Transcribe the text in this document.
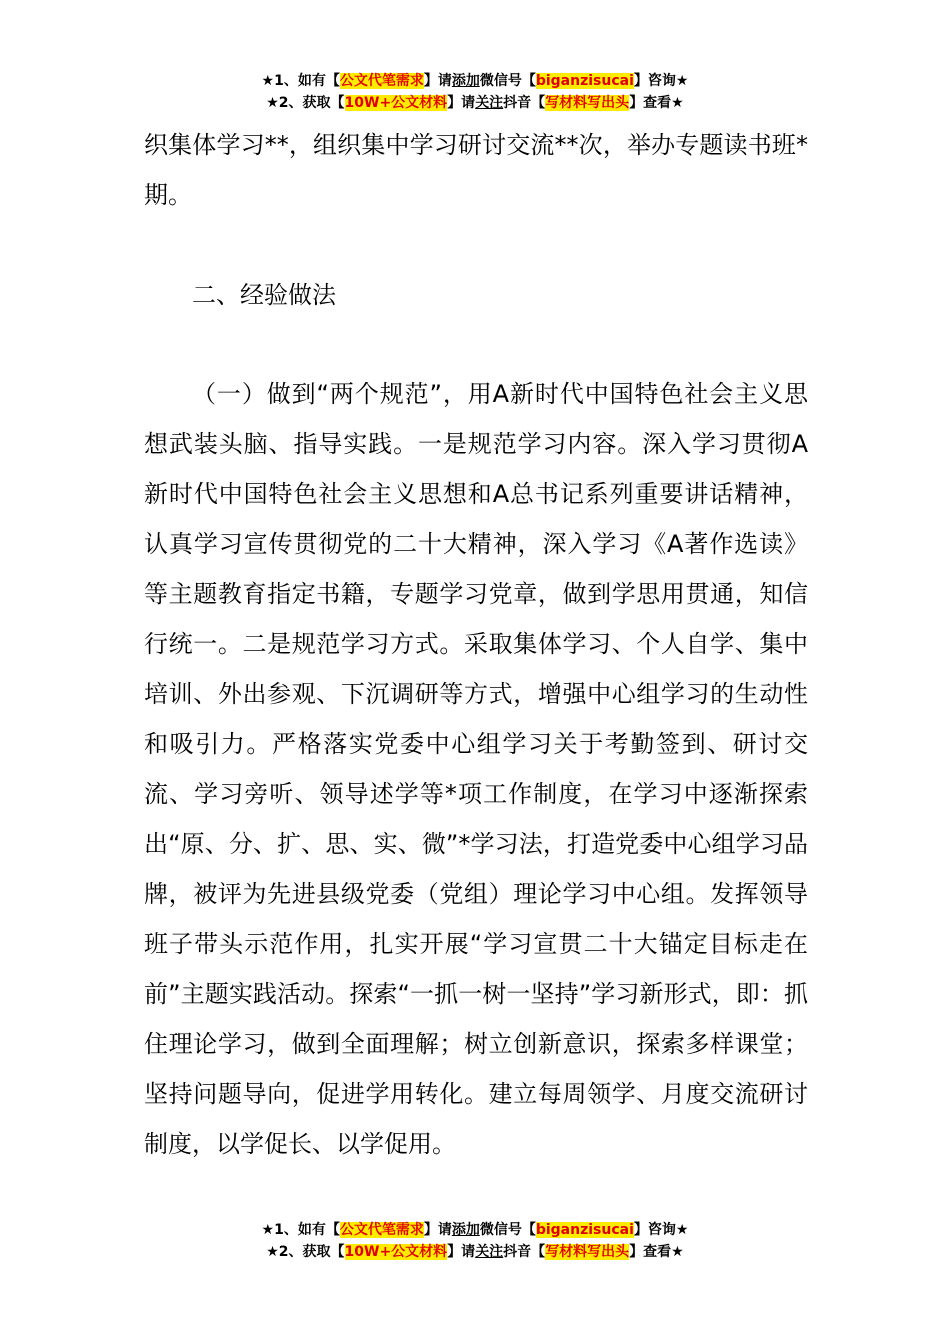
★1、如有【公文代笔需求】请添加微信号【biganzisucai】咨询★
★2、获取【10W+公文材料】请关注抖音【写材料写出头】查看★

织集体学习**，组织集中学习研讨交流**次，举办专题读书班*期。

二、经验做法

（一）做到“两个规范”，用A新时代中国特色社会主义思想武装头脑、指导实践。一是规范学习内容。深入学习贯彻A新时代中国特色社会主义思想和A总书记系列重要讲话精神，认真学习宣传贯彻党的二十大精神，深入学习《A著作选读》等主题教育指定书籍，专题学习党章，做到学思用贯通，知信行统一。二是规范学习方式。采取集体学习、个人自学、集中培训、外出参观、下沉调研等方式，增强中心组学习的生动性和吸引力。严格落实党委中心组学习关于考勤签到、研讨交流、学习旁听、领导述学等*项工作制度，在学习中逐渐探索出“原、分、扩、思、实、微”*学习法，打造党委中心组学习品牌，被评为先进县级党委（党组）理论学习中心组。发挥领导班子带头示范作用，扎实开展“学习宣贯二十大锚定目标走在前”主题实践活动。探索“一抓一树一坚持”学习新形式，即：抓住理论学习，做到全面理解；树立创新意识，探索多样课堂；坚持问题导向，促进学用转化。建立每周领学、月度交流研讨制度，以学促长、以学促用。

★1、如有【公文代笔需求】请添加微信号【biganzisucai】咨询★
★2、获取【10W+公文材料】请关注抖音【写材料写出头】查看★
